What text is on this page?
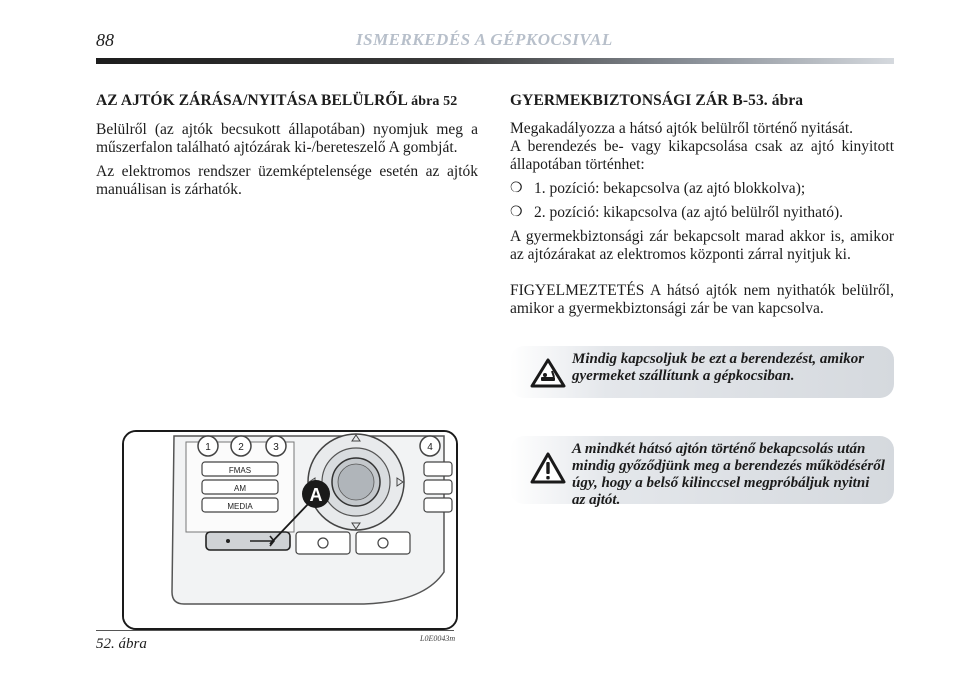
88	ISMERKEDÉS A GÉPKOCSIVAL
AZ AJTÓK ZÁRÁSA/NYITÁSA BELÜLRŐL ábra 52

Belülről (az ajtók becsukott állapotában) nyomjuk meg a műszerfalon található ajtózárak ki-/bereteszelő A gombját.

Az elektromos rendszer üzemképtelensége esetén az ajtók manuálisan is zárhatók.

GYERMEKBIZTONSÁGI ZÁR B-53. ábra

Megakadályozza a hátsó ajtók belülről történő nyitását.

A berendezés be- vagy kikapcsolása csak az ajtó kinyitott állapotában történhet:

❍ 1. pozíció: bekapcsolva (az ajtó blokkolva);
❍ 2. pozíció: kikapcsolva (az ajtó belülről nyitható).

A gyermekbiztonsági zár bekapcsolt marad akkor is, amikor az ajtózárakat az elektromos központi zárral nyitjuk ki.

FIGYELMEZTETÉS A hátsó ajtók nem nyithatók belülről, amikor a gyermekbiztonsági zár be van kapcsolva.

Mindig kapcsoljuk be ezt a berendezést, amikor gyermeket szállítunk a gépkocsiban.
A mindkét hátsó ajtón történő bekapcsolás után mindig győződjünk meg a berendezés működéséről úgy, hogy a belső kilinccsel megpróbáljuk nyitni az ajtót.
1	2	3	4
FMAS
AM
MEDIA
A
52. ábra	L0E0043m
